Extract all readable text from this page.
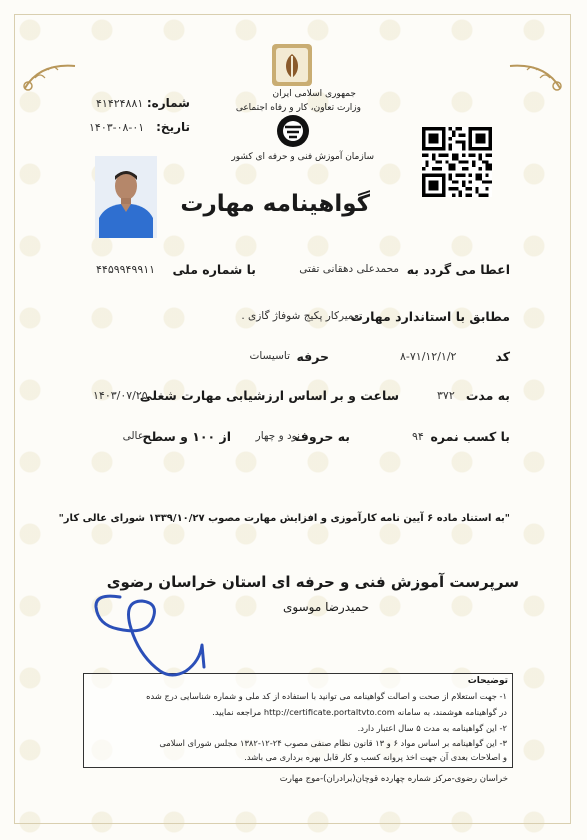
جمهوری اسلامی ایران
وزارت تعاون، کار و رفاه اجتماعی
سازمان آموزش فنی و حرفه ای کشور
شماره:
۴۱۴۲۴۸۸۱
تاریخ:
۱۴۰۳-۰۸-۰۱
گواهینامه مهارت
اعطا می گردد به
محمدعلی دهقانی تفتی
با شماره ملی
۴۴۵۹۹۴۹۹۱۱
مطابق با استاندارد مهارت
تعمیرکار پکیج شوفاژ گازی .
کد
۸-۷۱/۱۲/۱/۲
حرفه
تاسیسات
به مدت
۳۷۲
ساعت و بر اساس ارزشیابی مهارت شغلی
۱۴۰۳/۰۷/۲۵
با کسب نمره
۹۴
به حروف
نود و چهار
از ۱۰۰ و سطح
عالی
"به استناد ماده ۶ آیین نامه کارآموزی و افزایش مهارت مصوب ۱۳۳۹/۱۰/۲۷ شورای عالی کار"
سرپرست آموزش فنی و حرفه ای استان خراسان رضوی
حمیدرضا موسوی
توضیحات
۱- جهت استعلام از صحت و اصالت گواهینامه می توانید با استفاده از کد ملی و شماره شناسایی درج شده
در گواهینامه هوشمند، به سامانه http://certificate.portaltvto.com مراجعه نمایید.
۲- این گواهینامه به مدت ۵ سال اعتبار دارد.
۳- این گواهینامه بر اساس مواد ۶ و ۱۳ قانون نظام صنفی مصوب ۲۴-۱۲-۱۳۸۲ مجلس شورای اسلامی
و اصلاحات بعدی آن جهت اخذ پروانه کسب و کار قابل بهره برداری می باشد.
خراسان رضوی-مرکز شماره چهارده قوچان(برادران)-موج مهارت
